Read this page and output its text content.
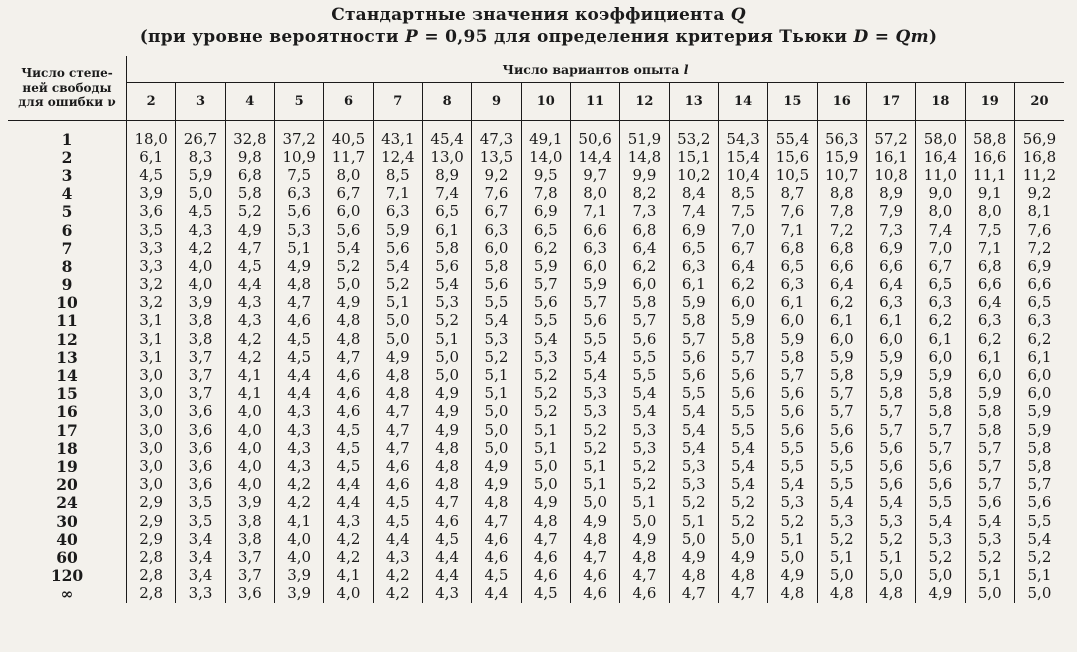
Стандартные значения коэффициента Q
(при уровне вероятности P = 0,95 для определения критерия Тьюки D = Qm)
Число степе-
ней свободы
для ошибки ν	Число вариантов опыта l																		
	2	3	4	5	6	7	8	9	10	11	12	13	14	15	16	17	18	19	20

1	18,0	26,7	32,8	37,2	40,5	43,1	45,4	47,3	49,1	50,6	51,9	53,2	54,3	55,4	56,3	57,2	58,0	58,8	56,9
2	6,1	8,3	9,8	10,9	11,7	12,4	13,0	13,5	14,0	14,4	14,8	15,1	15,4	15,6	15,9	16,1	16,4	16,6	16,8
3	4,5	5,9	6,8	7,5	8,0	8,5	8,9	9,2	9,5	9,7	9,9	10,2	10,4	10,5	10,7	10,8	11,0	11,1	11,2
4	3,9	5,0	5,8	6,3	6,7	7,1	7,4	7,6	7,8	8,0	8,2	8,4	8,5	8,7	8,8	8,9	9,0	9,1	9,2
5	3,6	4,5	5,2	5,6	6,0	6,3	6,5	6,7	6,9	7,1	7,3	7,4	7,5	7,6	7,8	7,9	8,0	8,0	8,1
6	3,5	4,3	4,9	5,3	5,6	5,9	6,1	6,3	6,5	6,6	6,8	6,9	7,0	7,1	7,2	7,3	7,4	7,5	7,6
7	3,3	4,2	4,7	5,1	5,4	5,6	5,8	6,0	6,2	6,3	6,4	6,5	6,7	6,8	6,8	6,9	7,0	7,1	7,2
8	3,3	4,0	4,5	4,9	5,2	5,4	5,6	5,8	5,9	6,0	6,2	6,3	6,4	6,5	6,6	6,6	6,7	6,8	6,9
9	3,2	4,0	4,4	4,8	5,0	5,2	5,4	5,6	5,7	5,9	6,0	6,1	6,2	6,3	6,4	6,4	6,5	6,6	6,6
10	3,2	3,9	4,3	4,7	4,9	5,1	5,3	5,5	5,6	5,7	5,8	5,9	6,0	6,1	6,2	6,3	6,3	6,4	6,5
11	3,1	3,8	4,3	4,6	4,8	5,0	5,2	5,4	5,5	5,6	5,7	5,8	5,9	6,0	6,1	6,1	6,2	6,3	6,3
12	3,1	3,8	4,2	4,5	4,8	5,0	5,1	5,3	5,4	5,5	5,6	5,7	5,8	5,9	6,0	6,0	6,1	6,2	6,2
13	3,1	3,7	4,2	4,5	4,7	4,9	5,0	5,2	5,3	5,4	5,5	5,6	5,7	5,8	5,9	5,9	6,0	6,1	6,1
14	3,0	3,7	4,1	4,4	4,6	4,8	5,0	5,1	5,2	5,4	5,5	5,6	5,6	5,7	5,8	5,9	5,9	6,0	6,0
15	3,0	3,7	4,1	4,4	4,6	4,8	4,9	5,1	5,2	5,3	5,4	5,5	5,6	5,6	5,7	5,8	5,8	5,9	6,0
16	3,0	3,6	4,0	4,3	4,6	4,7	4,9	5,0	5,2	5,3	5,4	5,4	5,5	5,6	5,7	5,7	5,8	5,8	5,9
17	3,0	3,6	4,0	4,3	4,5	4,7	4,9	5,0	5,1	5,2	5,3	5,4	5,5	5,6	5,6	5,7	5,7	5,8	5,9
18	3,0	3,6	4,0	4,3	4,5	4,7	4,8	5,0	5,1	5,2	5,3	5,4	5,4	5,5	5,6	5,6	5,7	5,7	5,8
19	3,0	3,6	4,0	4,3	4,5	4,6	4,8	4,9	5,0	5,1	5,2	5,3	5,4	5,5	5,5	5,6	5,6	5,7	5,8
20	3,0	3,6	4,0	4,2	4,4	4,6	4,8	4,9	5,0	5,1	5,2	5,3	5,4	5,4	5,5	5,6	5,6	5,7	5,7
24	2,9	3,5	3,9	4,2	4,4	4,5	4,7	4,8	4,9	5,0	5,1	5,2	5,2	5,3	5,4	5,4	5,5	5,6	5,6
30	2,9	3,5	3,8	4,1	4,3	4,5	4,6	4,7	4,8	4,9	5,0	5,1	5,2	5,2	5,3	5,3	5,4	5,4	5,5
40	2,9	3,4	3,8	4,0	4,2	4,4	4,5	4,6	4,7	4,8	4,9	5,0	5,0	5,1	5,2	5,2	5,3	5,3	5,4
60	2,8	3,4	3,7	4,0	4,2	4,3	4,4	4,6	4,6	4,7	4,8	4,9	4,9	5,0	5,1	5,1	5,2	5,2	5,2
120	2,8	3,4	3,7	3,9	4,1	4,2	4,4	4,5	4,6	4,6	4,7	4,8	4,8	4,9	5,0	5,0	5,0	5,1	5,1
∞	2,8	3,3	3,6	3,9	4,0	4,2	4,3	4,4	4,5	4,6	4,6	4,7	4,7	4,8	4,8	4,8	4,9	5,0	5,0
